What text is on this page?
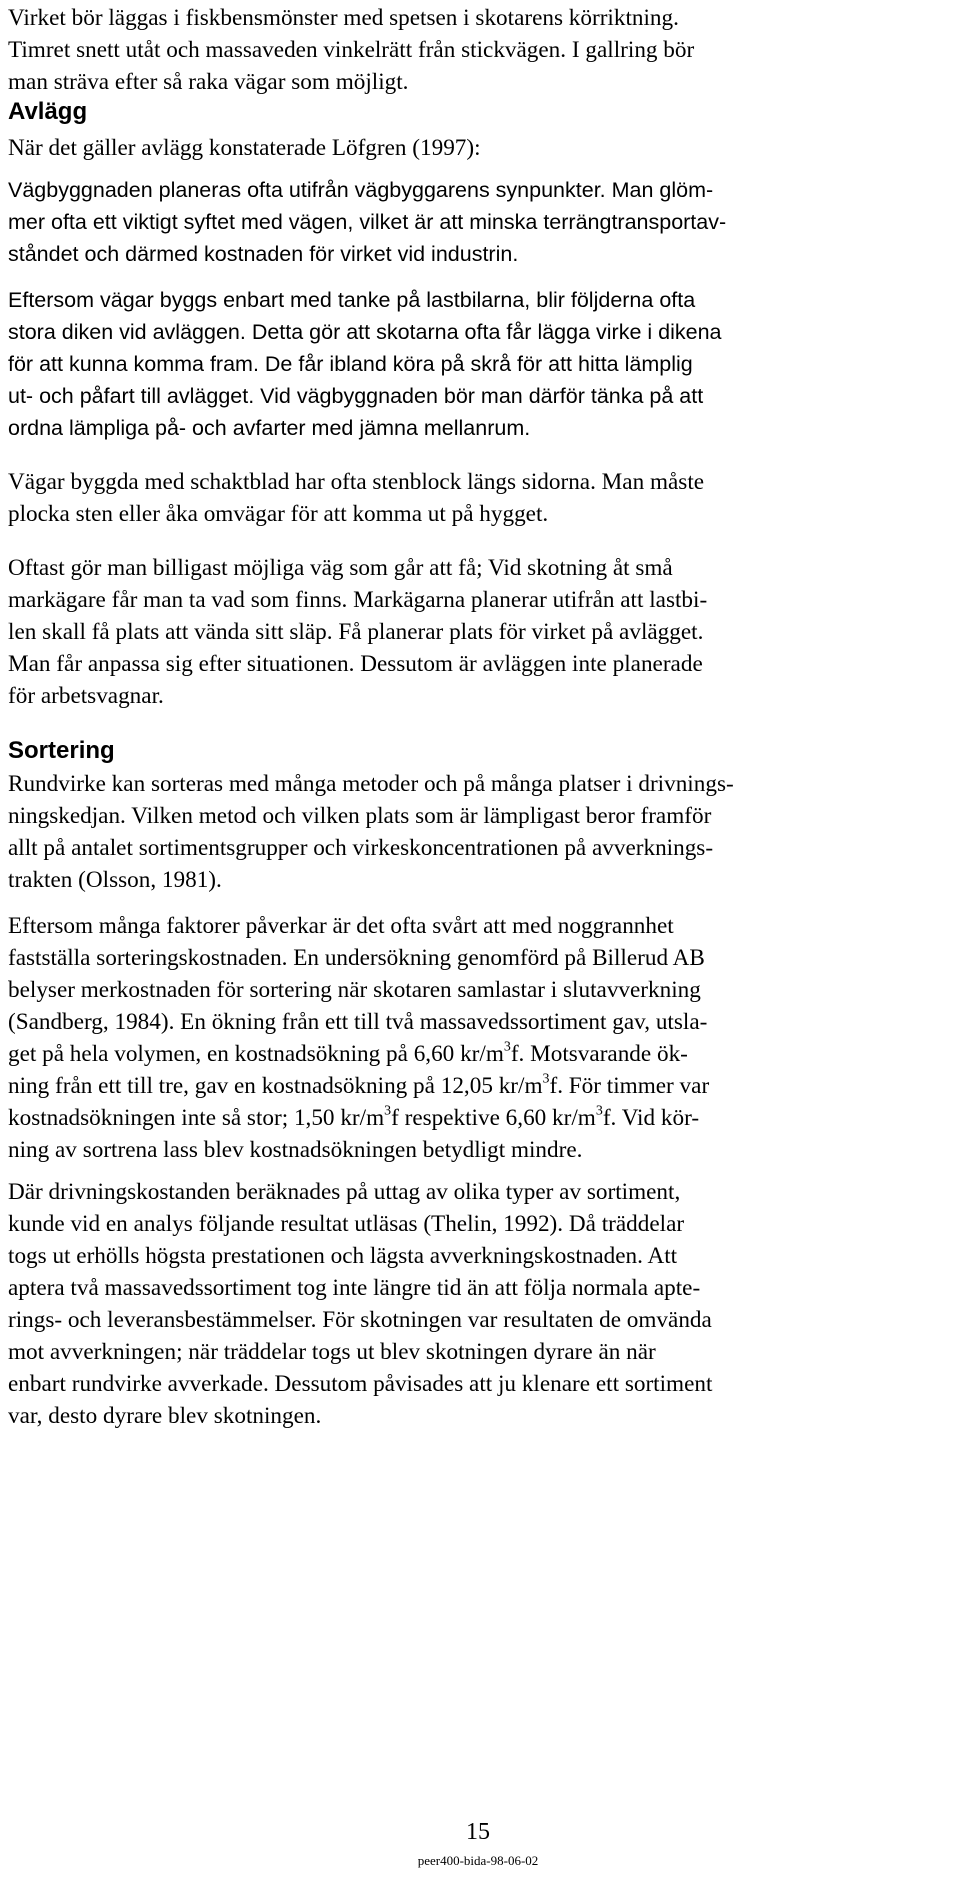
Virket bör läggas i fiskbensmönster med spetsen i skotarens körriktning.
Timret snett utåt och massaveden vinkelrätt från stickvägen. I gallring bör
man sträva efter så raka vägar som möjligt.
Avlägg
När det gäller avlägg konstaterade Löfgren (1997):
Vägbyggnaden planeras ofta utifrån vägbyggarens synpunkter. Man glöm-
mer ofta ett viktigt syftet med vägen, vilket är att minska terrängtransportav-
ståndet och därmed kostnaden för virket vid industrin.
Eftersom vägar byggs enbart med tanke på lastbilarna, blir följderna ofta
stora diken vid avläggen. Detta gör att skotarna ofta får lägga virke i dikena
för att kunna komma fram. De får ibland köra på skrå för att hitta lämplig
ut- och påfart till avlägget. Vid vägbyggnaden bör man därför tänka på att
ordna lämpliga på- och avfarter med jämna mellanrum.
Vägar byggda med schaktblad har ofta stenblock längs sidorna. Man måste
plocka sten eller åka omvägar för att komma ut på hygget.
Oftast gör man billigast möjliga väg som går att få; Vid skotning åt små
markägare får man ta vad som finns. Markägarna planerar utifrån att lastbi-
len skall få plats att vända sitt släp. Få planerar plats för virket på avlägget.
Man får anpassa sig efter situationen. Dessutom är avläggen inte planerade
för arbetsvagnar.
Sortering
Rundvirke kan sorteras med många metoder och på många platser i drivnings-
ningskedjan. Vilken metod och vilken plats som är lämpligast beror framför
allt på antalet sortimentsgrupper och virkeskoncentrationen på avverknings-
trakten (Olsson, 1981).
Eftersom många faktorer påverkar är det ofta svårt att med noggrannhet
fastställa sorteringskostnaden. En undersökning genomförd på Billerud AB
belyser merkostnaden för sortering när skotaren samlastar i slutavverkning
(Sandberg, 1984). En ökning från ett till två massavedssortiment gav, utsla-
get på hela volymen, en kostnadsökning på 6,60 $kr/m^3f$. Motsvarande ök-
ning från ett till tre, gav en kostnadsökning på 12,05 $kr/m^3f$. För timmer var
kostnadsökningen inte så stor; 1,50 $kr/m^3f$ respektive 6,60 $kr/m^3f$. Vid kör-
ning av sortrena lass blev kostnadsökningen betydligt mindre.
Där drivningskostanden beräknades på uttag av olika typer av sortiment,
kunde vid en analys följande resultat utläsas (Thelin, 1992). Då träddelar
togs ut erhölls högsta prestationen och lägsta avverkningskostnaden. Att
aptera två massavedssortiment tog inte längre tid än att följa normala apte-
rings- och leveransbestämmelser. För skotningen var resultaten de omvända
mot avverkningen; när träddelar togs ut blev skotningen dyrare än när
enbart rundvirke avverkade. Dessutom påvisades att ju klenare ett sortiment
var, desto dyrare blev skotningen.
15
peer400-bida-98-06-02
